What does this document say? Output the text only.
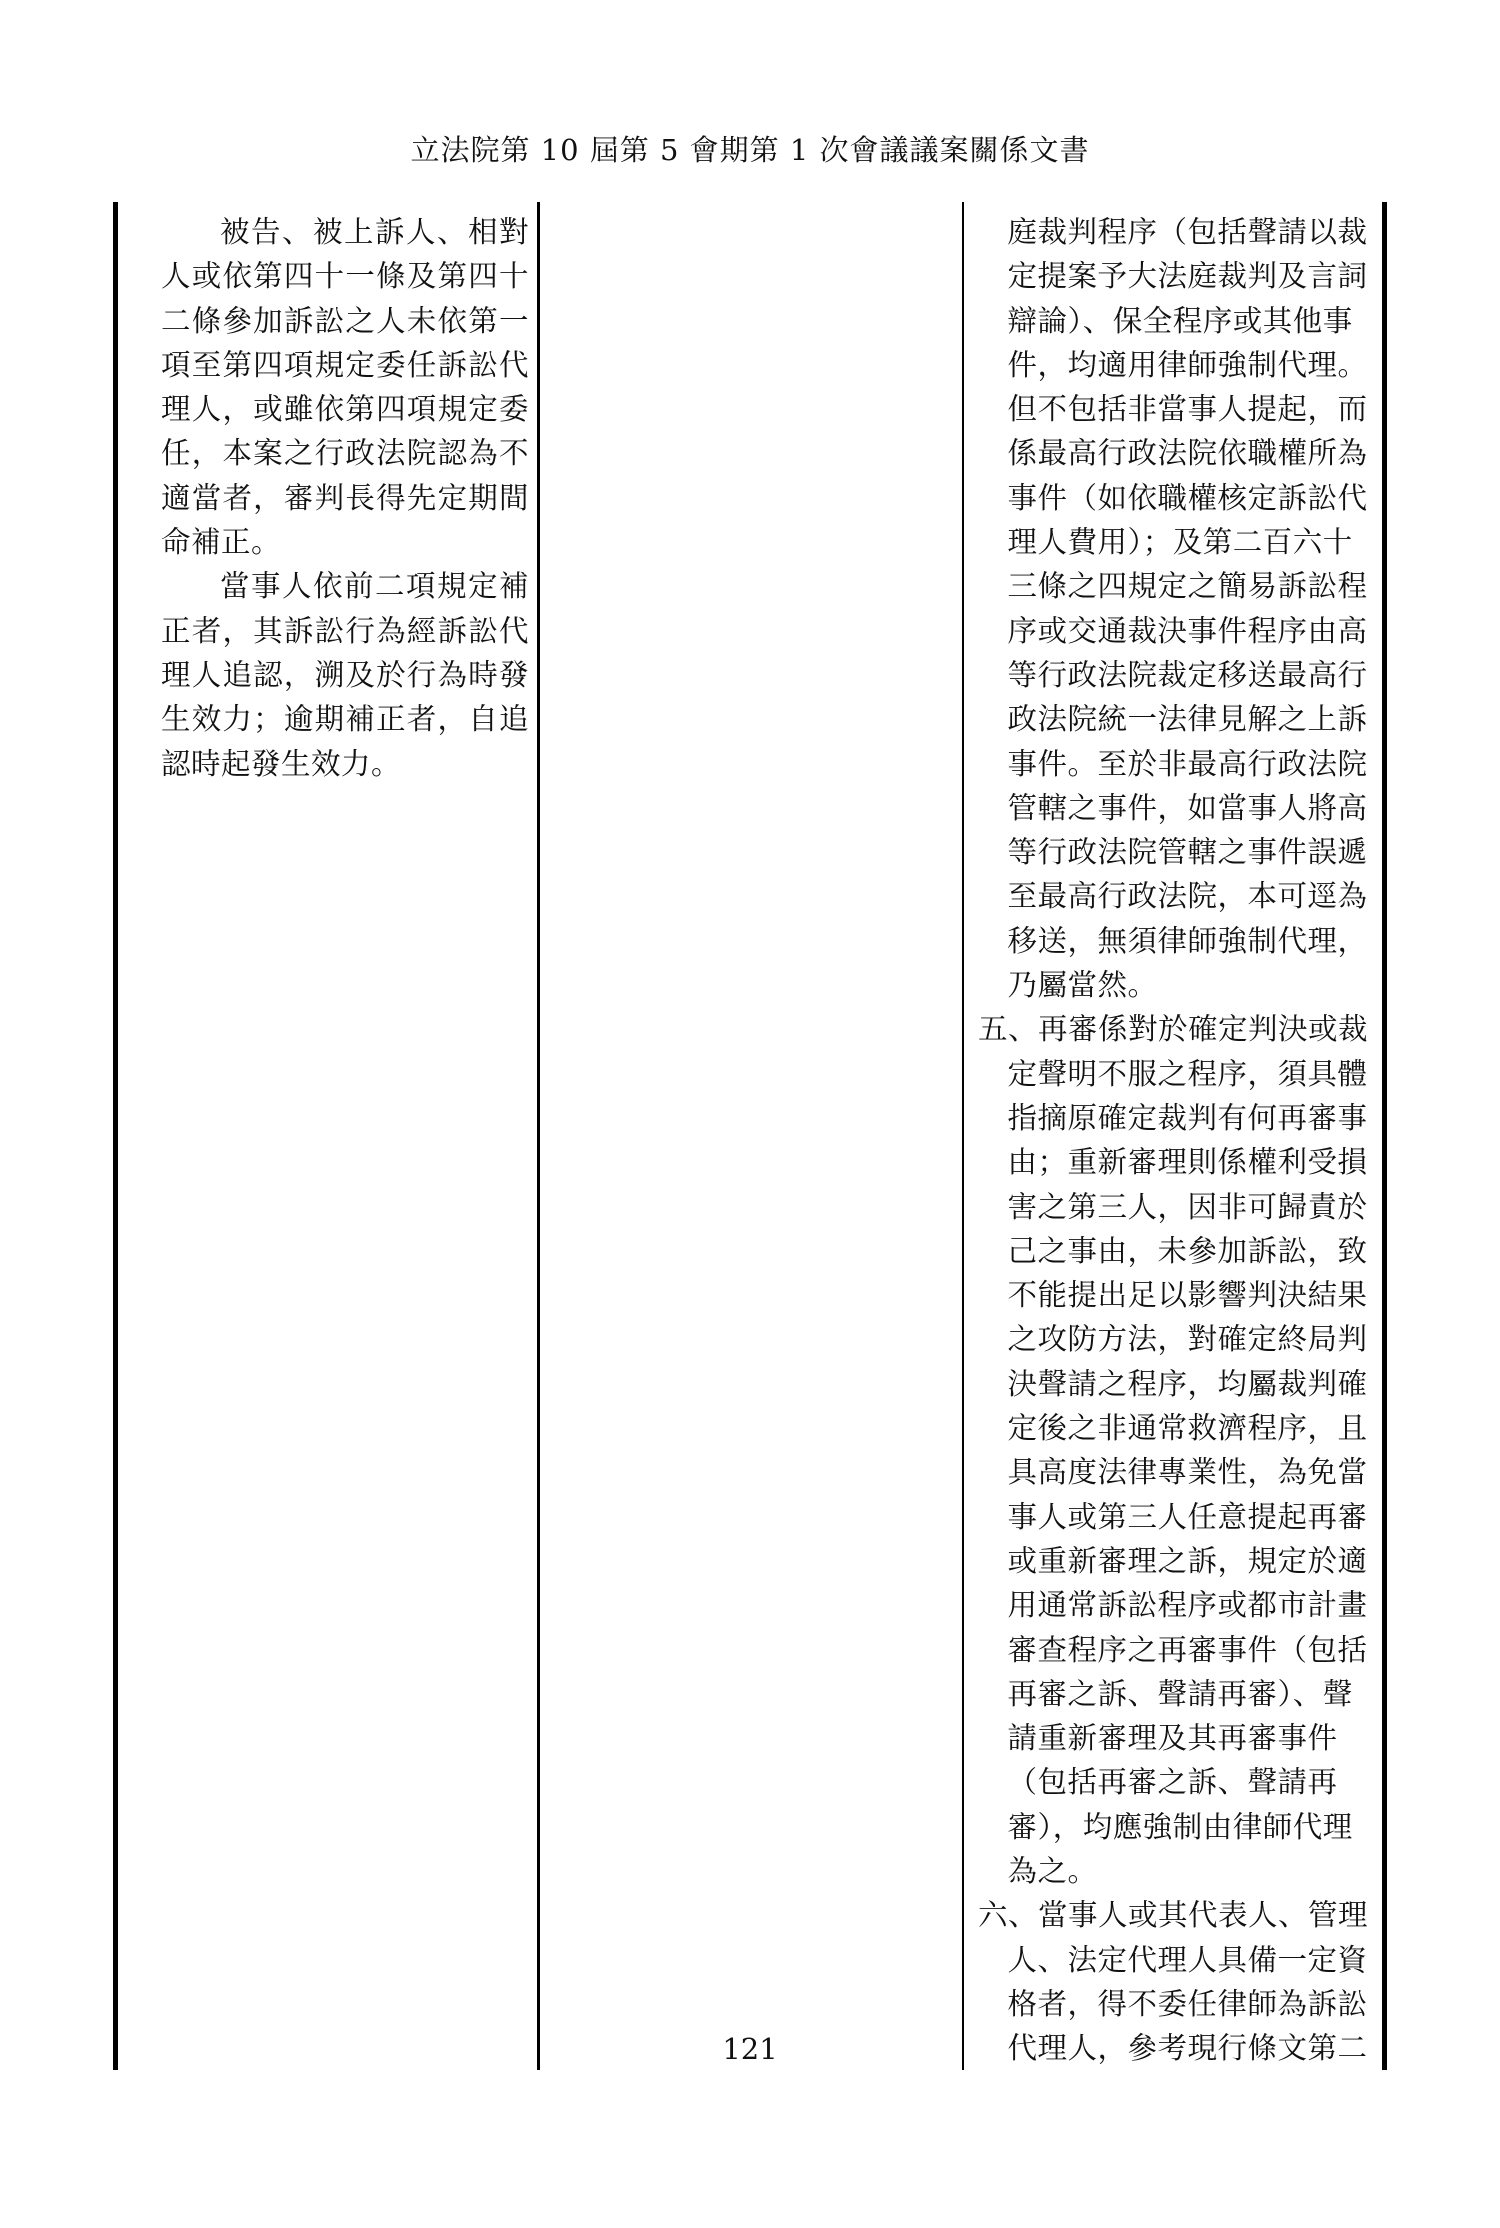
立法院第 10 屆第 5 會期第 1 次會議議案關係文書

被告、被上訴人、相對人或依第四十一條及第四十二條參加訴訟之人未依第一項至第四項規定委任訴訟代理人，或雖依第四項規定委任，本案之行政法院認為不適當者，審判長得先定期間命補正。

當事人依前二項規定補正者，其訴訟行為經訴訟代理人追認，溯及於行為時發生效力；逾期補正者，自追認時起發生效力。

庭裁判程序（包括聲請以裁定提案予大法庭裁判及言詞辯論）、保全程序或其他事件，均適用律師強制代理。但不包括非當事人提起，而係最高行政法院依職權所為事件（如依職權核定訴訟代理人費用）；及第二百六十三條之四規定之簡易訴訟程序或交通裁決事件程序由高等行政法院裁定移送最高行政法院統一法律見解之上訴事件。至於非最高行政法院管轄之事件，如當事人將高等行政法院管轄之事件誤遞至最高行政法院，本可逕為移送，無須律師強制代理，乃屬當然。

五、再審係對於確定判決或裁定聲明不服之程序，須具體指摘原確定裁判有何再審事由；重新審理則係權利受損害之第三人，因非可歸責於己之事由，未參加訴訟，致不能提出足以影響判決結果之攻防方法，對確定終局判決聲請之程序，均屬裁判確定後之非通常救濟程序，且具高度法律專業性，為免當事人或第三人任意提起再審或重新審理之訴，規定於適用通常訴訟程序或都市計畫審查程序之再審事件（包括再審之訴、聲請再審）、聲請重新審理及其再審事件（包括再審之訴、聲請再審），均應強制由律師代理為之。

六、當事人或其代表人、管理人、法定代理人具備一定資格者，得不委任律師為訴訟代理人，參考現行條文第二

121
